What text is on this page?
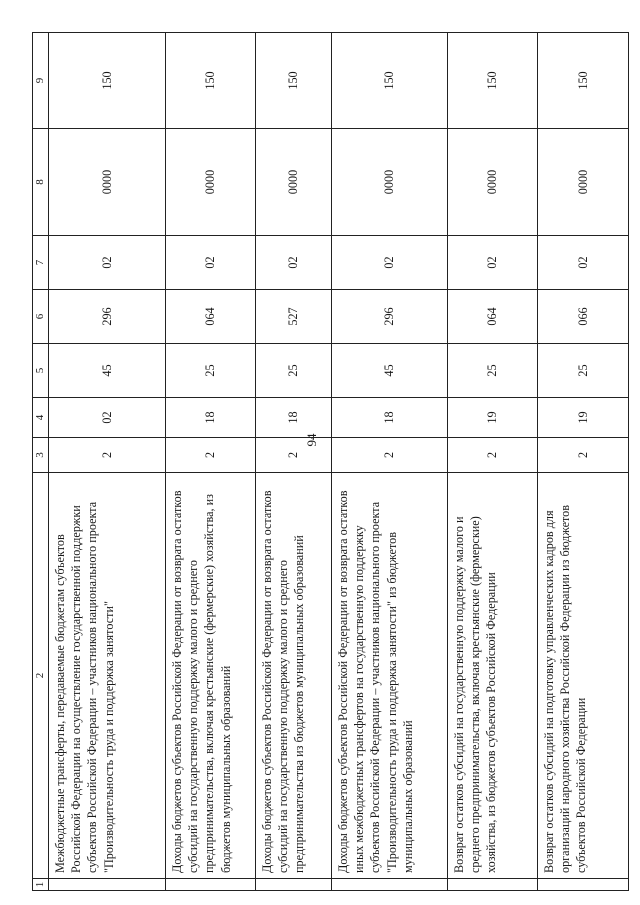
94
1	2	3	4	5	6	7	8	9
	Межбюджетные трансферты, передаваемые бюджетам субъектов Российской Федерации на осуществление государственной поддержки субъектов Российской Федерации – участников национального проекта "Производительность труда и поддержка занятости"	2	02	45	296	02	0000	150
	Доходы бюджетов субъектов Российской Федерации от возврата остатков субсидий на государственную поддержку малого и среднего предпринимательства, включая крестьянские (фермерские) хозяйства, из бюджетов муниципальных образований	2	18	25	064	02	0000	150
	Доходы бюджетов субъектов Российской Федерации от возврата остатков субсидий на государственную поддержку малого и среднего предпринимательства из бюджетов муниципальных образований	2	18	25	527	02	0000	150
	Доходы бюджетов субъектов Российской Федерации от возврата остатков иных межбюджетных трансфертов на государственную поддержку субъектов Российской Федерации – участников национального проекта "Производительность труда и поддержка занятости" из бюджетов муниципальных образований	2	18	45	296	02	0000	150
	Возврат остатков субсидий на государственную поддержку малого и среднего предпринимательства, включая крестьянские (фермерские) хозяйства, из бюджетов субъектов Российской Федерации	2	19	25	064	02	0000	150
	Возврат остатков субсидий на подготовку управленческих кадров для организаций народного хозяйства Российской Федерации из бюджетов субъектов Российской Федерации	2	19	25	066	02	0000	150
